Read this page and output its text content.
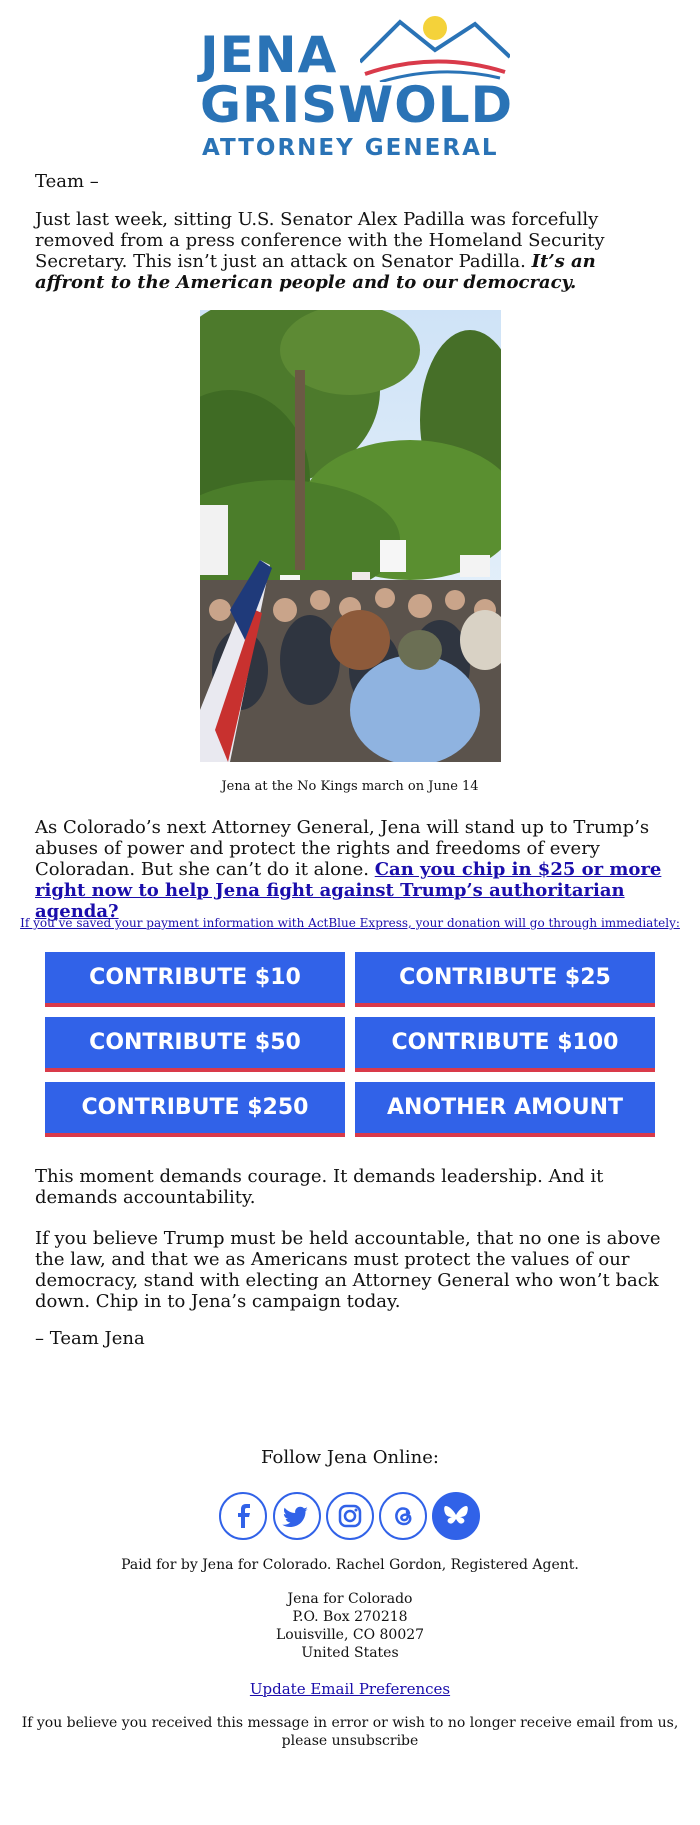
JENA
GRISWOLD
ATTORNEY GENERAL

Team –

Just last week, sitting U.S. Senator Alex Padilla was forcefully removed from a press conference with the Homeland Security Secretary. This isn’t just an attack on Senator Padilla. It’s an affront to the American people and to our democracy.

Jena at the No Kings march on June 14

As Colorado’s next Attorney General, Jena will stand up to Trump’s abuses of power and protect the rights and freedoms of every Coloradan. But she can’t do it alone. Can you chip in $25 or more right now to help Jena fight against Trump’s authoritarian agenda?

If you’ve saved your payment information with ActBlue Express, your donation will go through immediately:
CONTRIBUTE $10	CONTRIBUTE $25
CONTRIBUTE $50	CONTRIBUTE $100
CONTRIBUTE $250	ANOTHER AMOUNT

This moment demands courage. It demands leadership. And it demands accountability.

If you believe Trump must be held accountable, that no one is above the law, and that we as Americans must protect the values of our democracy, stand with electing an Attorney General who won’t back down. Chip in to Jena’s campaign today.

– Team Jena

Follow Jena Online:
Paid for by Jena for Colorado. Rachel Gordon, Registered Agent.
Jena for Colorado
P.O. Box 270218
Louisville, CO 80027
United States
Update Email Preferences
If you believe you received this message in error or wish to no longer receive email from us,
please unsubscribe
